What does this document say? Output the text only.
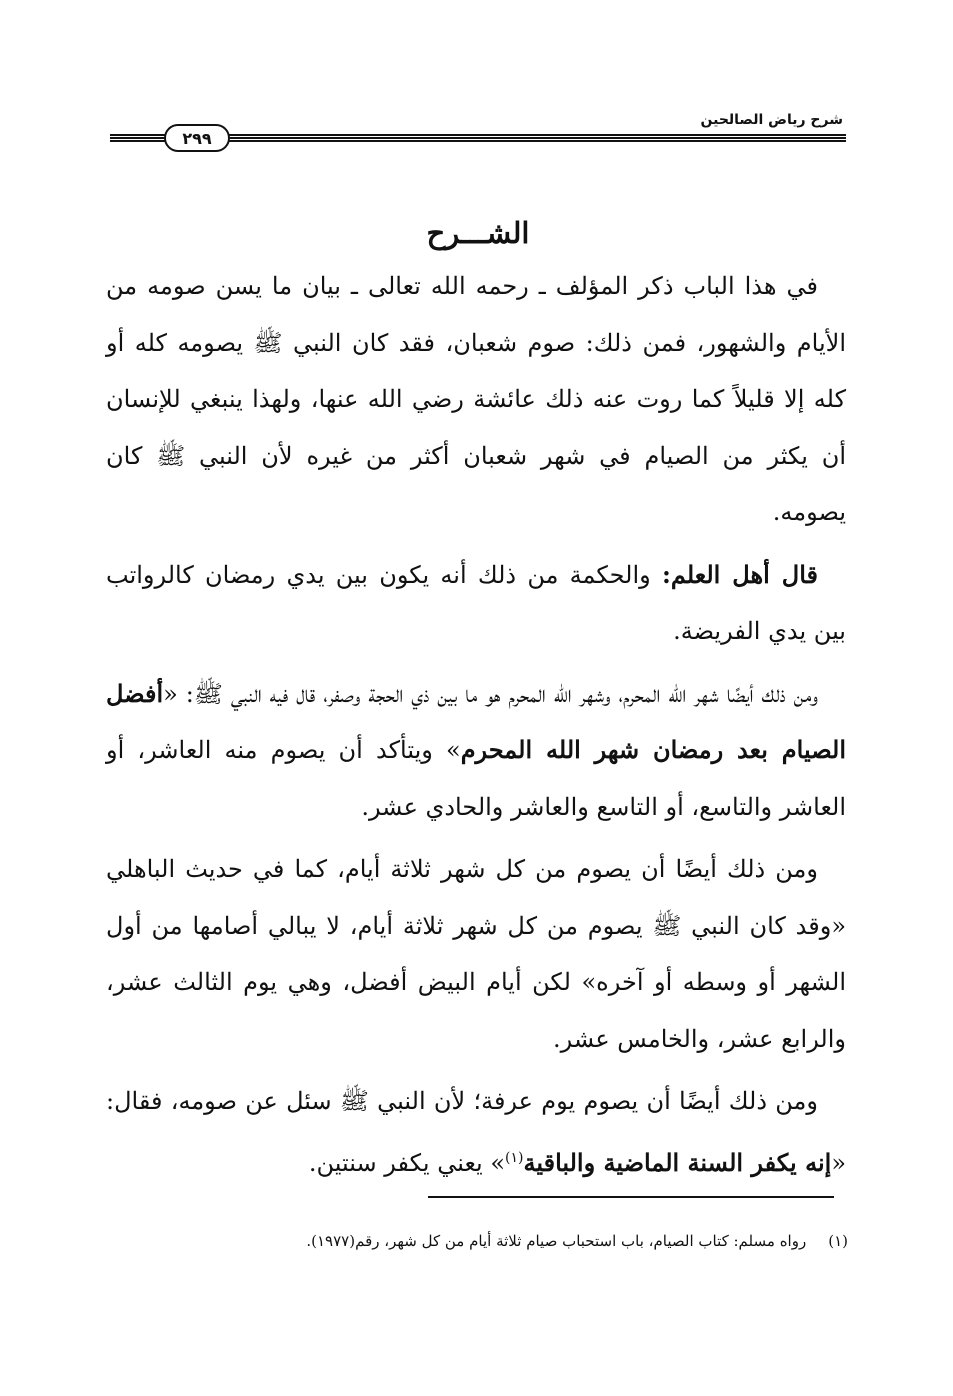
شرح رياض الصالحين
٢٩٩
الشـــرح

في هذا الباب ذكر المؤلف ـ رحمه الله تعالى ـ بيان ما يسن صومه من الأيام والشهور، فمن ذلك: صوم شعبان، فقد كان النبي ﷺ يصومه كله أو كله إلا قليلاً كما روت عنه ذلك عائشة رضي الله عنها، ولهذا ينبغي للإنسان أن يكثر من الصيام في شهر شعبان أكثر من غيره لأن النبي ﷺ كان يصومه.

قال أهل العلم: والحكمة من ذلك أنه يكون بين يدي رمضان كالرواتب بين يدي الفريضة.

ومن ذلك أيضًا شهر الله المحرم، وشهر الله المحرم هو ما بين ذي الحجة وصفر، قال فيه النبي ﷺ: «أفضل الصيام بعد رمضان شهر الله المحرم» ويتأكد أن يصوم منه العاشر، أو العاشر والتاسع، أو التاسع والعاشر والحادي عشر.

ومن ذلك أيضًا أن يصوم من كل شهر ثلاثة أيام، كما في حديث الباهلي «وقد كان النبي ﷺ يصوم من كل شهر ثلاثة أيام، لا يبالي أصامها من أول الشهر أو وسطه أو آخره» لكن أيام البيض أفضل، وهي يوم الثالث عشر، والرابع عشر، والخامس عشر.

ومن ذلك أيضًا أن يصوم يوم عرفة؛ لأن النبي ﷺ سئل عن صومه، فقال: «إنه يكفر السنة الماضية والباقية$^{(١)}$» يعني يكفر سنتين.

(١)رواه مسلم: كتاب الصيام، باب استحباب صيام ثلاثة أيام من كل شهر، رقم(١٩٧٧).
